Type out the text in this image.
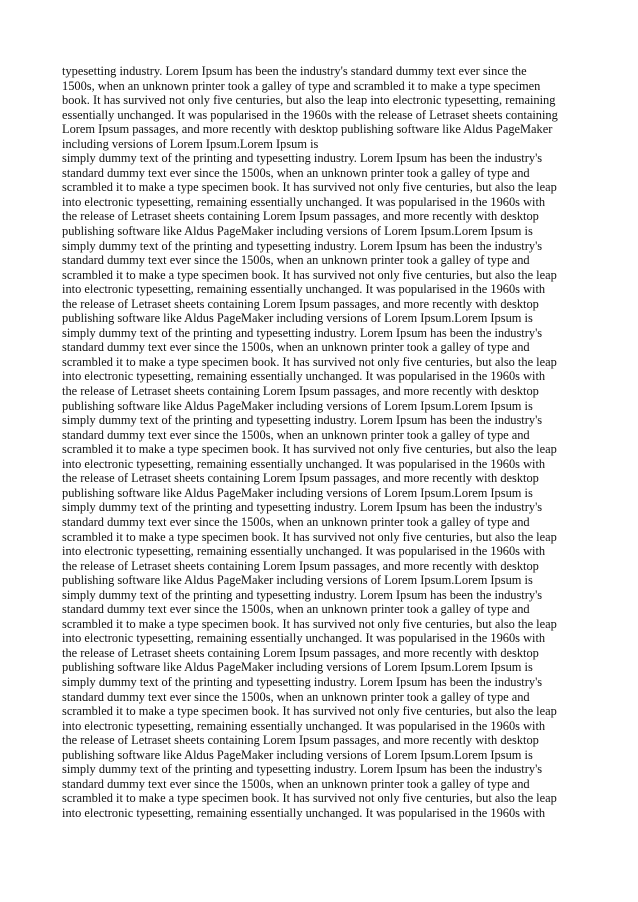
typesetting industry. Lorem Ipsum has been the industry's standard dummy text ever since the
1500s, when an unknown printer took a galley of type and scrambled it to make a type specimen
book. It has survived not only five centuries, but also the leap into electronic typesetting, remaining
essentially unchanged. It was popularised in the 1960s with the release of Letraset sheets containing
Lorem Ipsum passages, and more recently with desktop publishing software like Aldus PageMaker
including versions of Lorem Ipsum.Lorem Ipsum is
simply dummy text of the printing and typesetting industry. Lorem Ipsum has been the industry's
standard dummy text ever since the 1500s, when an unknown printer took a galley of type and
scrambled it to make a type specimen book. It has survived not only five centuries, but also the leap
into electronic typesetting, remaining essentially unchanged. It was popularised in the 1960s with
the release of Letraset sheets containing Lorem Ipsum passages, and more recently with desktop
publishing software like Aldus PageMaker including versions of Lorem Ipsum.Lorem Ipsum is
simply dummy text of the printing and typesetting industry. Lorem Ipsum has been the industry's
standard dummy text ever since the 1500s, when an unknown printer took a galley of type and
scrambled it to make a type specimen book. It has survived not only five centuries, but also the leap
into electronic typesetting, remaining essentially unchanged. It was popularised in the 1960s with
the release of Letraset sheets containing Lorem Ipsum passages, and more recently with desktop
publishing software like Aldus PageMaker including versions of Lorem Ipsum.Lorem Ipsum is
simply dummy text of the printing and typesetting industry. Lorem Ipsum has been the industry's
standard dummy text ever since the 1500s, when an unknown printer took a galley of type and
scrambled it to make a type specimen book. It has survived not only five centuries, but also the leap
into electronic typesetting, remaining essentially unchanged. It was popularised in the 1960s with
the release of Letraset sheets containing Lorem Ipsum passages, and more recently with desktop
publishing software like Aldus PageMaker including versions of Lorem Ipsum.Lorem Ipsum is
simply dummy text of the printing and typesetting industry. Lorem Ipsum has been the industry's
standard dummy text ever since the 1500s, when an unknown printer took a galley of type and
scrambled it to make a type specimen book. It has survived not only five centuries, but also the leap
into electronic typesetting, remaining essentially unchanged. It was popularised in the 1960s with
the release of Letraset sheets containing Lorem Ipsum passages, and more recently with desktop
publishing software like Aldus PageMaker including versions of Lorem Ipsum.Lorem Ipsum is
simply dummy text of the printing and typesetting industry. Lorem Ipsum has been the industry's
standard dummy text ever since the 1500s, when an unknown printer took a galley of type and
scrambled it to make a type specimen book. It has survived not only five centuries, but also the leap
into electronic typesetting, remaining essentially unchanged. It was popularised in the 1960s with
the release of Letraset sheets containing Lorem Ipsum passages, and more recently with desktop
publishing software like Aldus PageMaker including versions of Lorem Ipsum.Lorem Ipsum is
simply dummy text of the printing and typesetting industry. Lorem Ipsum has been the industry's
standard dummy text ever since the 1500s, when an unknown printer took a galley of type and
scrambled it to make a type specimen book. It has survived not only five centuries, but also the leap
into electronic typesetting, remaining essentially unchanged. It was popularised in the 1960s with
the release of Letraset sheets containing Lorem Ipsum passages, and more recently with desktop
publishing software like Aldus PageMaker including versions of Lorem Ipsum.Lorem Ipsum is
simply dummy text of the printing and typesetting industry. Lorem Ipsum has been the industry's
standard dummy text ever since the 1500s, when an unknown printer took a galley of type and
scrambled it to make a type specimen book. It has survived not only five centuries, but also the leap
into electronic typesetting, remaining essentially unchanged. It was popularised in the 1960s with
the release of Letraset sheets containing Lorem Ipsum passages, and more recently with desktop
publishing software like Aldus PageMaker including versions of Lorem Ipsum.Lorem Ipsum is
simply dummy text of the printing and typesetting industry. Lorem Ipsum has been the industry's
standard dummy text ever since the 1500s, when an unknown printer took a galley of type and
scrambled it to make a type specimen book. It has survived not only five centuries, but also the leap
into electronic typesetting, remaining essentially unchanged. It was popularised in the 1960s with
